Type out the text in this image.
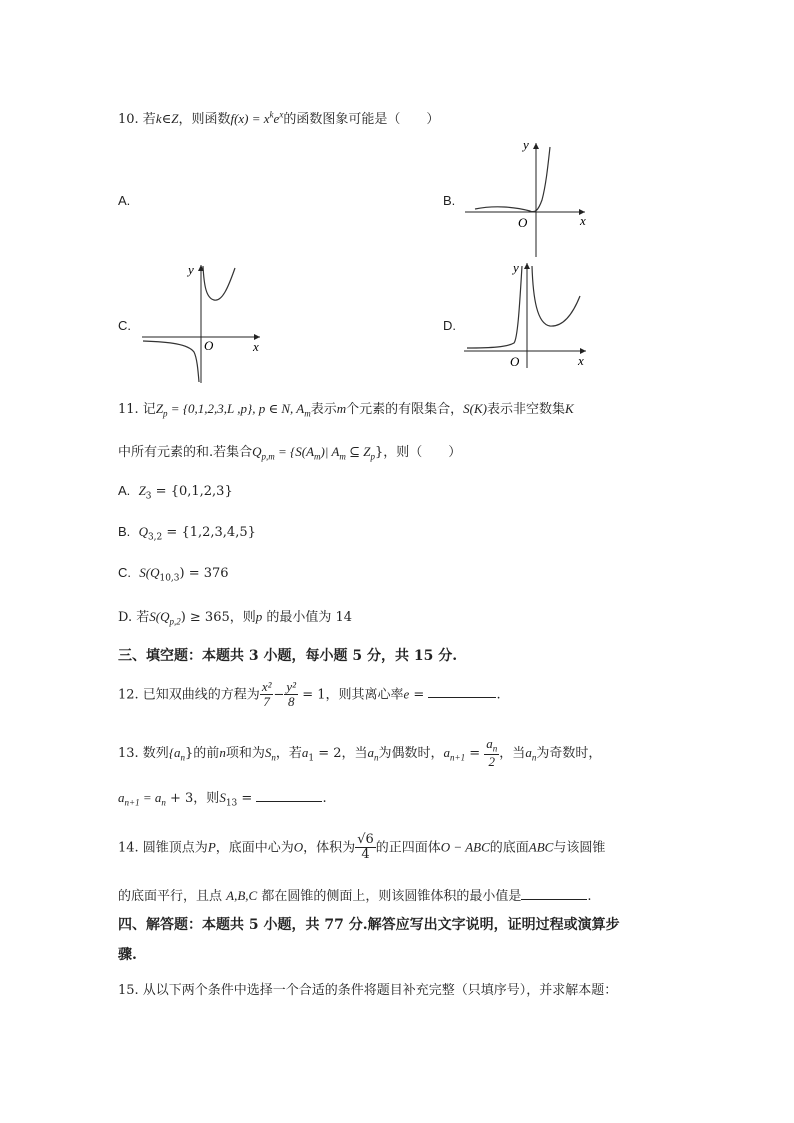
10. 若k∈Z，则函数$f(x) = x^ke^x$的函数图象可能是（　　）
A.	B.
C.	D.
x
y
O
x
y
O
x
y
O
11. 记$Z_p = \{0,1,2,3,L$ ,p}, p ∈ N, $A_m$表示m个元素的有限集合，S(K)表示非空数集K
中所有元素的和.若集合$Q_{p,m} = \{S(A_m)|$ $A_m$ ⊆ $Z_p$}，则（　　）
A. $Z_3 = \{0,1,2,3\}$
B. $Q_{3,2} = \{1,2,3,4,5\}$
C. $S(Q_{10,3}) = 376$
D. 若$S(Q_{p,2}) \ge 365$，则p 的最小值为 14
三、填空题：本题共 3 小题，每小题 5 分，共 15 分.
12. 已知双曲线的方程为 $\frac{\text{x²}}{7} - \frac{\text{y²}}{8} = 1$，则其离心率e =	.
13. 数列$\{a_n\}$的前n项和为$S_n$，若$a_1 = 2$，当$a_n$为偶数时，$a_{n+1} = \frac{a_n}{2}$ ，当$a_n$为奇数时，
$a_{n+1} = a_n + 3$，则$S_{13}$ =	.
14. 圆锥顶点为P，底面中心为O，体积为 $\frac{√6}{4}$ 的正四面体O − ABC的底面ABC与该圆锥
的底面平行，且点 A,B,C 都在圆锥的侧面上，则该圆锥体积的最小值是	.
四、解答题：本题共 5 小题，共 77 分.解答应写出文字说明，证明过程或演算步
骤.
15. 从以下两个条件中选择一个合适的条件将题目补充完整（只填序号），并求解本题：
